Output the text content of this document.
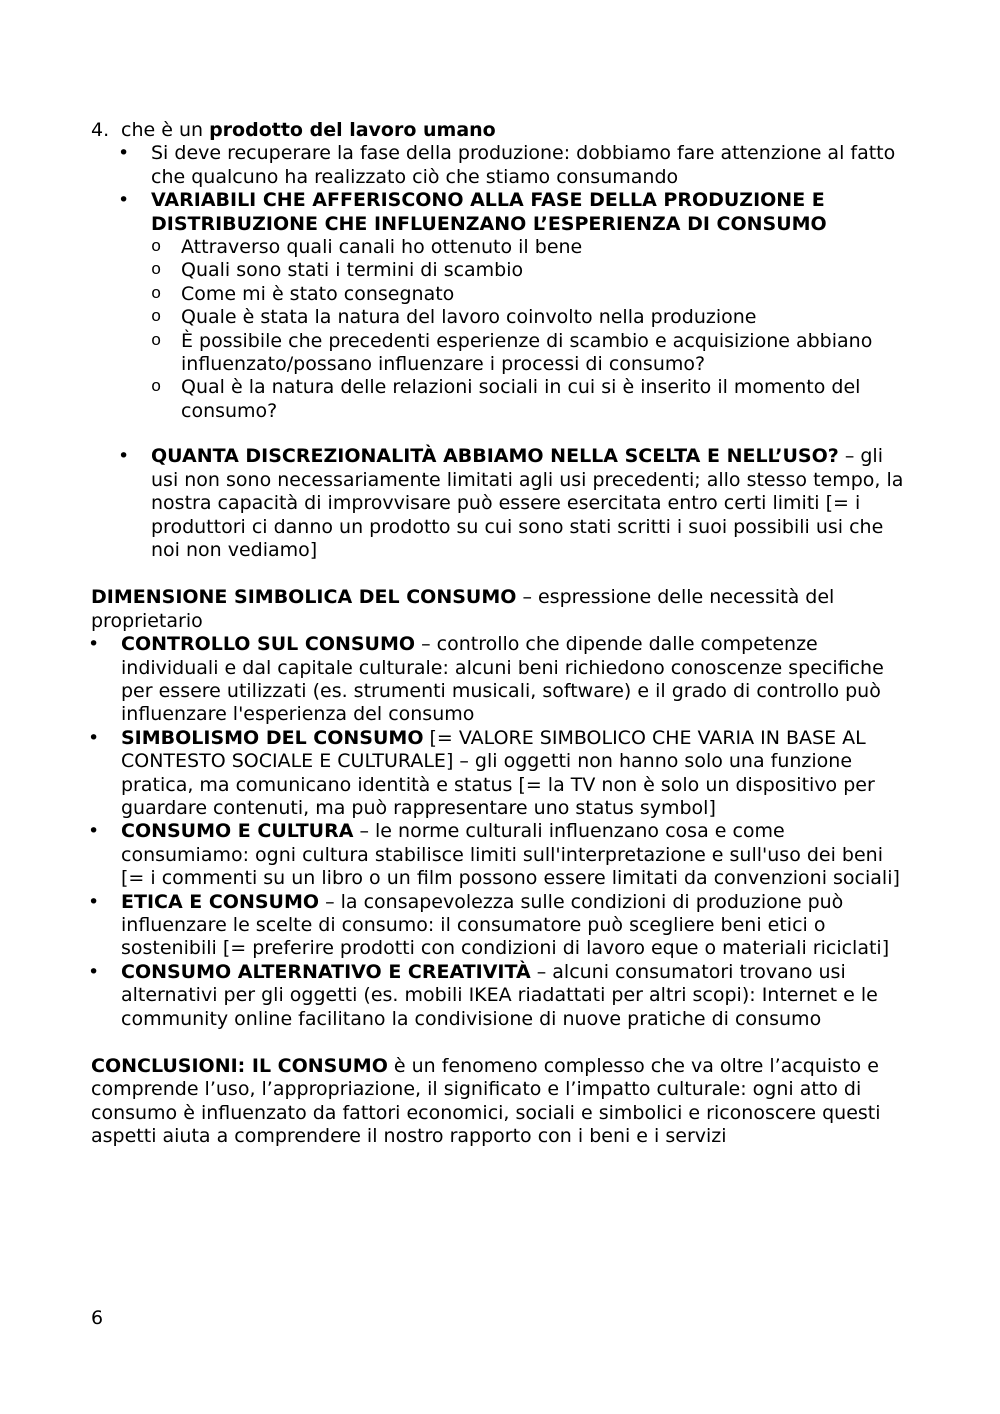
4. che è un prodotto del lavoro umano
• Si deve recuperare la fase della produzione: dobbiamo fare attenzione al fatto che qualcuno ha realizzato ciò che stiamo consumando
• VARIABILI CHE AFFERISCONO ALLA FASE DELLA PRODUZIONE E DISTRIBUZIONE CHE INFLUENZANO L’ESPERIENZA DI CONSUMO
o Attraverso quali canali ho ottenuto il bene
o Quali sono stati i termini di scambio
o Come mi è stato consegnato
o Quale è stata la natura del lavoro coinvolto nella produzione
o È possibile che precedenti esperienze di scambio e acquisizione abbiano influenzato/possano influenzare i processi di consumo?
o Qual è la natura delle relazioni sociali in cui si è inserito il momento del consumo?
• QUANTA DISCREZIONALITÀ ABBIAMO NELLA SCELTA E NELL’USO? – gli usi non sono necessariamente limitati agli usi precedenti; allo stesso tempo, la nostra capacità di improvvisare può essere esercitata entro certi limiti [= i produttori ci danno un prodotto su cui sono stati scritti i suoi possibili usi che noi non vediamo]
DIMENSIONE SIMBOLICA DEL CONSUMO – espressione delle necessità del proprietario
• CONTROLLO SUL CONSUMO – controllo che dipende dalle competenze individuali e dal capitale culturale: alcuni beni richiedono conoscenze specifiche per essere utilizzati (es. strumenti musicali, software) e il grado di controllo può influenzare l'esperienza del consumo
• SIMBOLISMO DEL CONSUMO [= VALORE SIMBOLICO CHE VARIA IN BASE AL CONTESTO SOCIALE E CULTURALE] – gli oggetti non hanno solo una funzione pratica, ma comunicano identità e status [= la TV non è solo un dispositivo per guardare contenuti, ma può rappresentare uno status symbol]
• CONSUMO E CULTURA – le norme culturali influenzano cosa e come consumiamo: ogni cultura stabilisce limiti sull'interpretazione e sull'uso dei beni [= i commenti su un libro o un film possono essere limitati da convenzioni sociali]
• ETICA E CONSUMO – la consapevolezza sulle condizioni di produzione può influenzare le scelte di consumo: il consumatore può scegliere beni etici o sostenibili [= preferire prodotti con condizioni di lavoro eque o materiali riciclati]
• CONSUMO ALTERNATIVO E CREATIVITÀ – alcuni consumatori trovano usi alternativi per gli oggetti (es. mobili IKEA riadattati per altri scopi): Internet e le community online facilitano la condivisione di nuove pratiche di consumo
CONCLUSIONI: IL CONSUMO è un fenomeno complesso che va oltre l’acquisto e comprende l’uso, l’appropriazione, il significato e l’impatto culturale: ogni atto di consumo è influenzato da fattori economici, sociali e simbolici e riconoscere questi aspetti aiuta a comprendere il nostro rapporto con i beni e i servizi
6
